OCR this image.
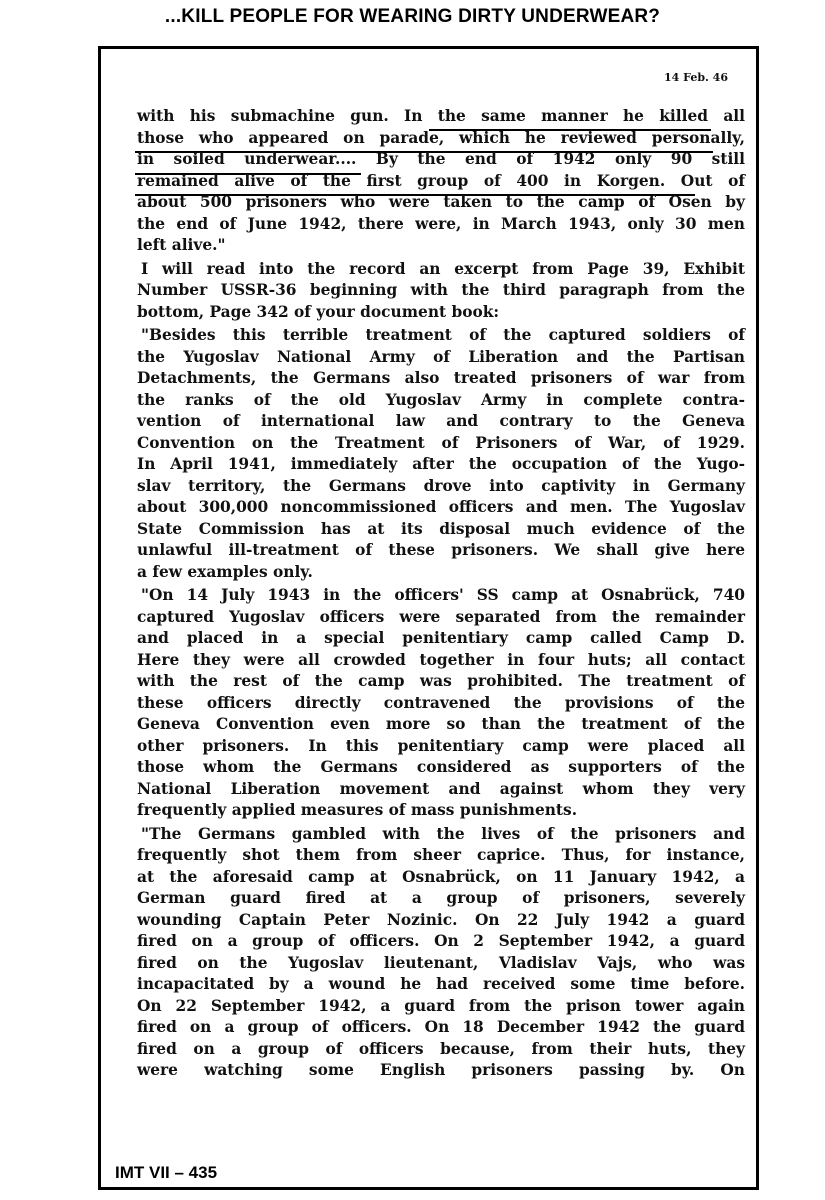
...KILL PEOPLE FOR WEARING DIRTY UNDERWEAR?
14 Feb. 46
with his submachine gun. In the same manner he killed all
those who appeared on parade, which he reviewed personally,
in soiled underwear.... By the end of 1942 only 90 still
remained alive of the first group of 400 in Korgen. Out of
about 500 prisoners who were taken to the camp of Osen by
the end of June 1942, there were, in March 1943, only 30 men
left alive."
I will read into the record an excerpt from Page 39, Exhibit
Number USSR-36 beginning with the third paragraph from the
bottom, Page 342 of your document book:
"Besides this terrible treatment of the captured soldiers of
the Yugoslav National Army of Liberation and the Partisan
Detachments, the Germans also treated prisoners of war from
the ranks of the old Yugoslav Army in complete contra-
vention of international law and contrary to the Geneva
Convention on the Treatment of Prisoners of War, of 1929.
In April 1941, immediately after the occupation of the Yugo-
slav territory, the Germans drove into captivity in Germany
about 300,000 noncommissioned officers and men. The Yugoslav
State Commission has at its disposal much evidence of the
unlawful ill-treatment of these prisoners. We shall give here
a few examples only.
"On 14 July 1943 in the officers' SS camp at Osnabrück, 740
captured Yugoslav officers were separated from the remainder
and placed in a special penitentiary camp called Camp D.
Here they were all crowded together in four huts; all contact
with the rest of the camp was prohibited. The treatment of
these officers directly contravened the provisions of the
Geneva Convention even more so than the treatment of the
other prisoners. In this penitentiary camp were placed all
those whom the Germans considered as supporters of the
National Liberation movement and against whom they very
frequently applied measures of mass punishments.
"The Germans gambled with the lives of the prisoners and
frequently shot them from sheer caprice. Thus, for instance,
at the aforesaid camp at Osnabrück, on 11 January 1942, a
German guard fired at a group of prisoners, severely
wounding Captain Peter Nozinic. On 22 July 1942 a guard
fired on a group of officers. On 2 September 1942, a guard
fired on the Yugoslav lieutenant, Vladislav Vajs, who was
incapacitated by a wound he had received some time before.
On 22 September 1942, a guard from the prison tower again
fired on a group of officers. On 18 December 1942 the guard
fired on a group of officers because, from their huts, they
were watching some English prisoners passing by. On
IMT VII – 435
